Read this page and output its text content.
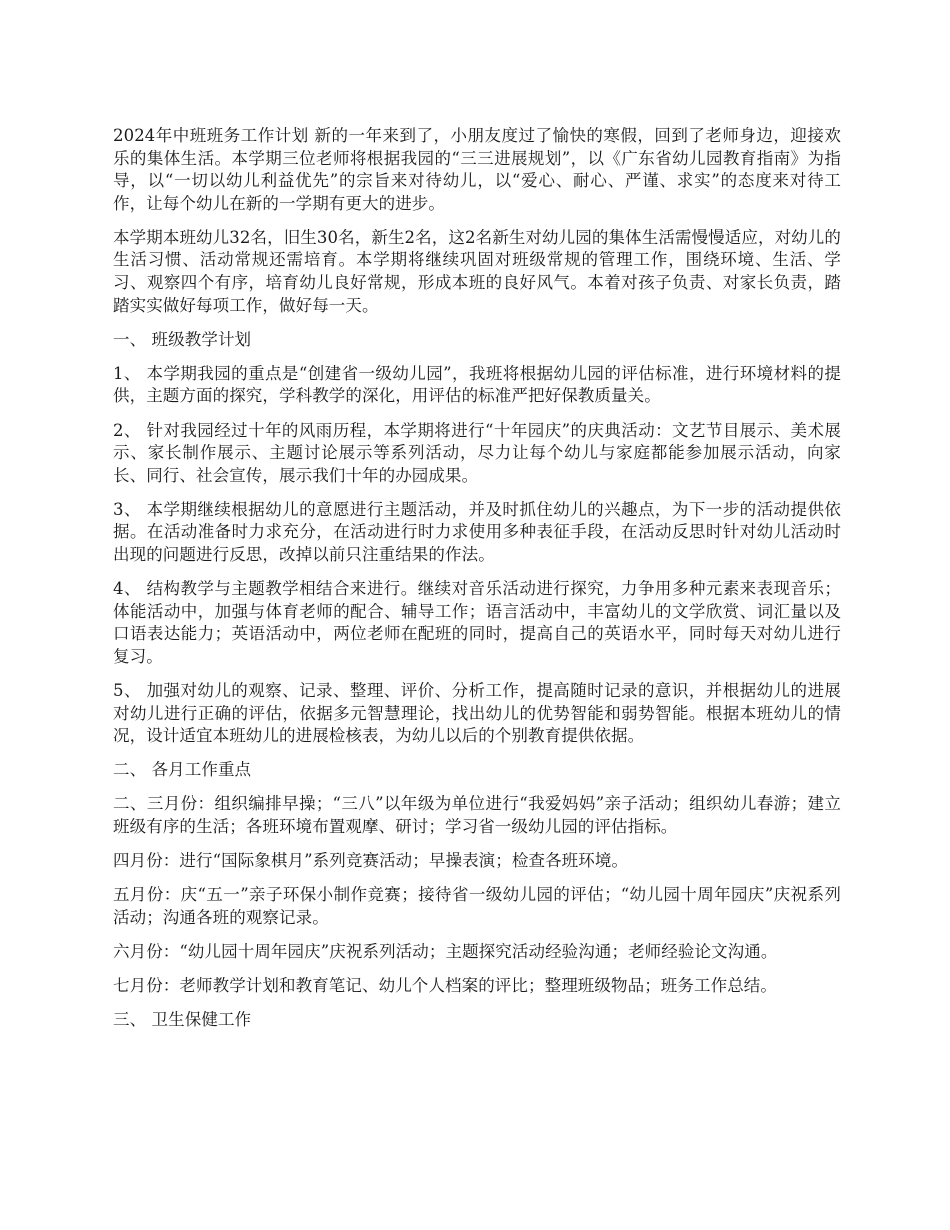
2024年中班班务工作计划 新的一年来到了，小朋友度过了愉快的寒假，回到了老师身边，迎接欢乐的集体生活。本学期三位老师将根据我园的“三三进展规划”，以《广东省幼儿园教育指南》为指导，以“一切以幼儿利益优先”的宗旨来对待幼儿，以“爱心、耐心、严谨、求实”的态度来对待工作，让每个幼儿在新的一学期有更大的进步。

本学期本班幼儿32名，旧生30名，新生2名，这2名新生对幼儿园的集体生活需慢慢适应，对幼儿的生活习惯、活动常规还需培育。本学期将继续巩固对班级常规的管理工作，围绕环境、生活、学习、观察四个有序，培育幼儿良好常规，形成本班的良好风气。本着对孩子负责、对家长负责，踏踏实实做好每项工作，做好每一天。

一、 班级教学计划

1、 本学期我园的重点是“创建省一级幼儿园”，我班将根据幼儿园的评估标准，进行环境材料的提供，主题方面的探究，学科教学的深化，用评估的标准严把好保教质量关。

2、 针对我园经过十年的风雨历程，本学期将进行“十年园庆”的庆典活动：文艺节目展示、美术展示、家长制作展示、主题讨论展示等系列活动，尽力让每个幼儿与家庭都能参加展示活动，向家长、同行、社会宣传，展示我们十年的办园成果。

3、 本学期继续根据幼儿的意愿进行主题活动，并及时抓住幼儿的兴趣点，为下一步的活动提供依据。在活动准备时力求充分，在活动进行时力求使用多种表征手段，在活动反思时针对幼儿活动时出现的问题进行反思，改掉以前只注重结果的作法。

4、 结构教学与主题教学相结合来进行。继续对音乐活动进行探究，力争用多种元素来表现音乐；体能活动中，加强与体育老师的配合、辅导工作；语言活动中，丰富幼儿的文学欣赏、词汇量以及口语表达能力；英语活动中，两位老师在配班的同时，提高自己的英语水平，同时每天对幼儿进行复习。

5、 加强对幼儿的观察、记录、整理、评价、分析工作，提高随时记录的意识，并根据幼儿的进展对幼儿进行正确的评估，依据多元智慧理论，找出幼儿的优势智能和弱势智能。根据本班幼儿的情况，设计适宜本班幼儿的进展检核表，为幼儿以后的个别教育提供依据。

二、 各月工作重点

二、三月份：组织编排早操；“三八”以年级为单位进行“我爱妈妈”亲子活动；组织幼儿春游；建立班级有序的生活；各班环境布置观摩、研讨；学习省一级幼儿园的评估指标。

四月份：进行“国际象棋月”系列竞赛活动；早操表演；检查各班环境。

五月份：庆“五一”亲子环保小制作竞赛；接待省一级幼儿园的评估；“幼儿园十周年园庆”庆祝系列活动；沟通各班的观察记录。

六月份：“幼儿园十周年园庆”庆祝系列活动；主题探究活动经验沟通；老师经验论文沟通。

七月份：老师教学计划和教育笔记、幼儿个人档案的评比；整理班级物品；班务工作总结。

三、 卫生保健工作
